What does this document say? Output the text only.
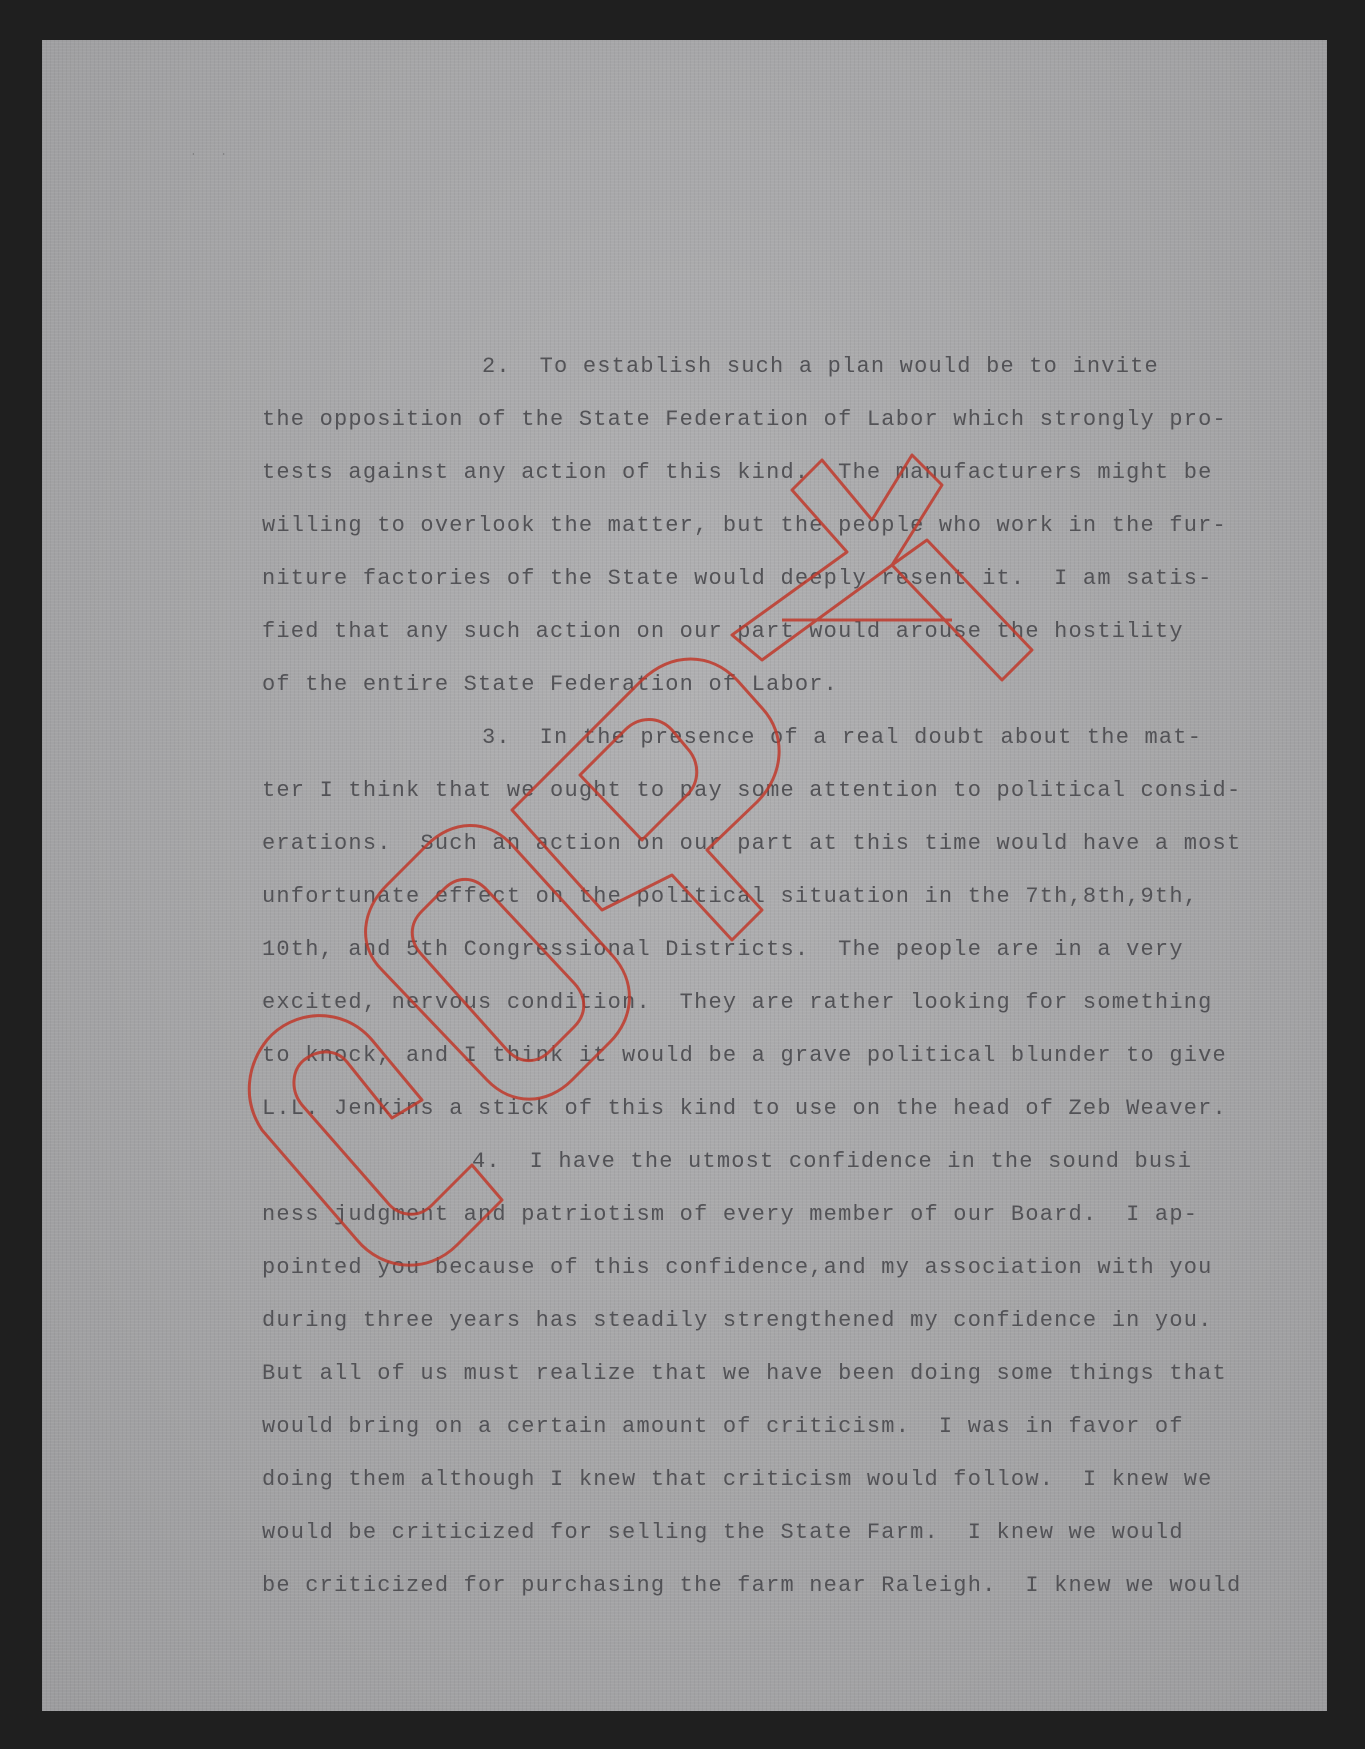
·           ·
2.  To establish such a plan would be to invite
the opposition of the State Federation of Labor which strongly pro-
tests against any action of this kind.  The manufacturers might be
willing to overlook the matter, but the people who work in the fur-
niture factories of the State would deeply resent it.  I am satis-
fied that any such action on our part would arouse the hostility
of the entire State Federation of Labor.
3.  In the presence of a real doubt about the mat-
ter I think that we ought to pay some attention to political consid-
erations.  Such an action on our part at this time would have a most
unfortunate effect on the political situation in the 7th,8th,9th,
10th, and 5th Congressional Districts.  The people are in a very
excited, nervous condition.  They are rather looking for something
to knock, and I think it would be a grave political blunder to give
L.L. Jenkins a stick of this kind to use on the head of Zeb Weaver.
4.  I have the utmost confidence in the sound busi
ness judgment and patriotism of every member of our Board.  I ap-
pointed you because of this confidence,and my association with you
during three years has steadily strengthened my confidence in you.
But all of us must realize that we have been doing some things that
would bring on a certain amount of criticism.  I was in favor of
doing them although I knew that criticism would follow.  I knew we
would be criticized for selling the State Farm.  I knew we would
be criticized for purchasing the farm near Raleigh.  I knew we would
